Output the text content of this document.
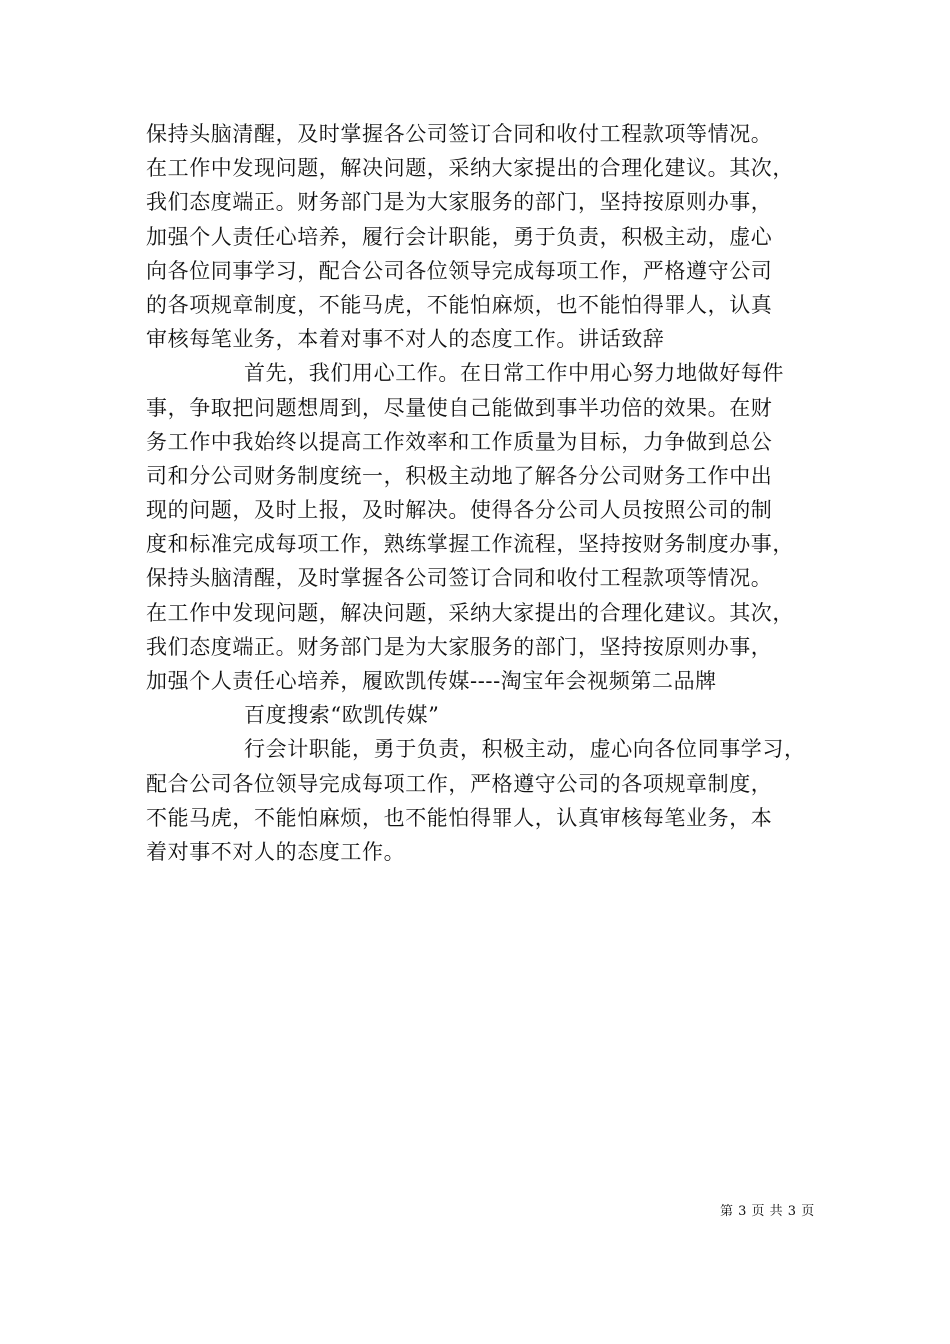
保持头脑清醒，及时掌握各公司签订合同和收付工程款项等情况。
在工作中发现问题，解决问题，采纳大家提出的合理化建议。其次，
我们态度端正。财务部门是为大家服务的部门，坚持按原则办事，
加强个人责任心培养，履行会计职能，勇于负责，积极主动，虚心
向各位同事学习，配合公司各位领导完成每项工作，严格遵守公司
的各项规章制度，不能马虎，不能怕麻烦，也不能怕得罪人，认真
审核每笔业务，本着对事不对人的态度工作。讲话致辞
首先，我们用心工作。在日常工作中用心努力地做好每件
事，争取把问题想周到，尽量使自己能做到事半功倍的效果。在财
务工作中我始终以提高工作效率和工作质量为目标，力争做到总公
司和分公司财务制度统一，积极主动地了解各分公司财务工作中出
现的问题，及时上报，及时解决。使得各分公司人员按照公司的制
度和标准完成每项工作，熟练掌握工作流程，坚持按财务制度办事，
保持头脑清醒，及时掌握各公司签订合同和收付工程款项等情况。
在工作中发现问题，解决问题，采纳大家提出的合理化建议。其次，
我们态度端正。财务部门是为大家服务的部门，坚持按原则办事，
加强个人责任心培养，履欧凯传媒----淘宝年会视频第二品牌
百度搜索“欧凯传媒”
行会计职能，勇于负责，积极主动，虚心向各位同事学习，
配合公司各位领导完成每项工作，严格遵守公司的各项规章制度，
不能马虎，不能怕麻烦，也不能怕得罪人，认真审核每笔业务，本
着对事不对人的态度工作。
第 3 页 共 3 页
